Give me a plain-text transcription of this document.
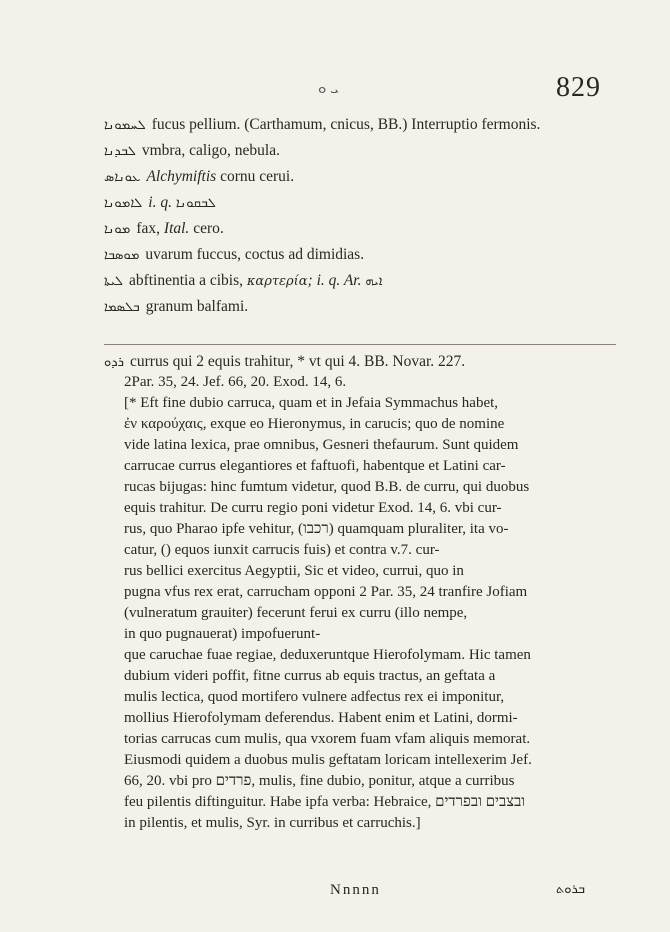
ܝ ܘ	829
ܠܚܡܘܢܐ fucus pellium. (Carthamum, cnicus, BB.) Interruptio fermonis.
ܠܒܕܢܐ vmbra, caligo, nebula.
ܥܘܢܐܣ Alchymiftis cornu cerui.
ܠܐܡܘܢܐ i. q. ܠܒܩܘܢܐ
ܡܘܢܐ fax, Ital. cero.
ܡܘܣܒܐ uvarum fuccus, coctus ad dimidias.
ܠܝܬܐ abftinentia a cibis, καρτερία; i. q. Ar. ܐܝܗ
ܒܠܣܡܐ granum balfami.
ܪܕܘ currus qui 2 equis trahitur, * vt qui 4. BB. Novar. 227.
2Par. 35, 24. Jef. 66, 20. Exod. 14, 6.
[* Eft fine dubio carruca, quam et in Jefaia Symmachus habet,
ἐν καρούχαις, exque eo Hieronymus, in carucis; quo de nomine
vide latina lexica, prae omnibus, Gesneri thefaurum. Sunt quidem
carrucae currus elegantiores et faftuofi, habentque et Latini car-
rucas bijugas: hinc fumtum videtur, quod B.B. de curru, qui duobus
equis trahitur. De curru regio poni videtur Exod. 14, 6. vbi cur-
rus, quo Pharao ipfe vehitur, (רכבו) quamquam pluraliter, ita vo-
catur, () equos iunxit carrucis fuis) et contra v.7. cur-
rus bellici exercitus Aegyptii, Sic et video, currui, quo in
pugna vfus rex erat, carrucham opponi 2 Par. 35, 24 tranfire Jofiam
(vulneratum grauiter) fecerunt ferui ex curru (illo nempe,
in quo pugnauerat) impofuerunt-
que caruchae fuae regiae, deduxeruntque Hierofolymam. Hic tamen
dubium videri poffit, fitne currus ab equis tractus, an geftata a
mulis lectica, quod mortifero vulnere adfectus rex ei imponitur,
mollius Hierofolymam deferendus. Habent enim et Latini, dormi-
torias carrucas cum mulis, qua vxorem fuam vfam aliquis memorat.
Eiusmodi quidem a duobus mulis geftatam loricam intellexerim Jef.
66, 20. vbi pro פרדים, mulis, fine dubio, ponitur, atque a curribus
feu pilentis diftinguitur. Habe ipfa verba: Hebraice, ובצבים ובפרדים
in pilentis, et mulis, Syr. in curribus et carruchis.]
Nnnnn	ܒܪܘܬ
